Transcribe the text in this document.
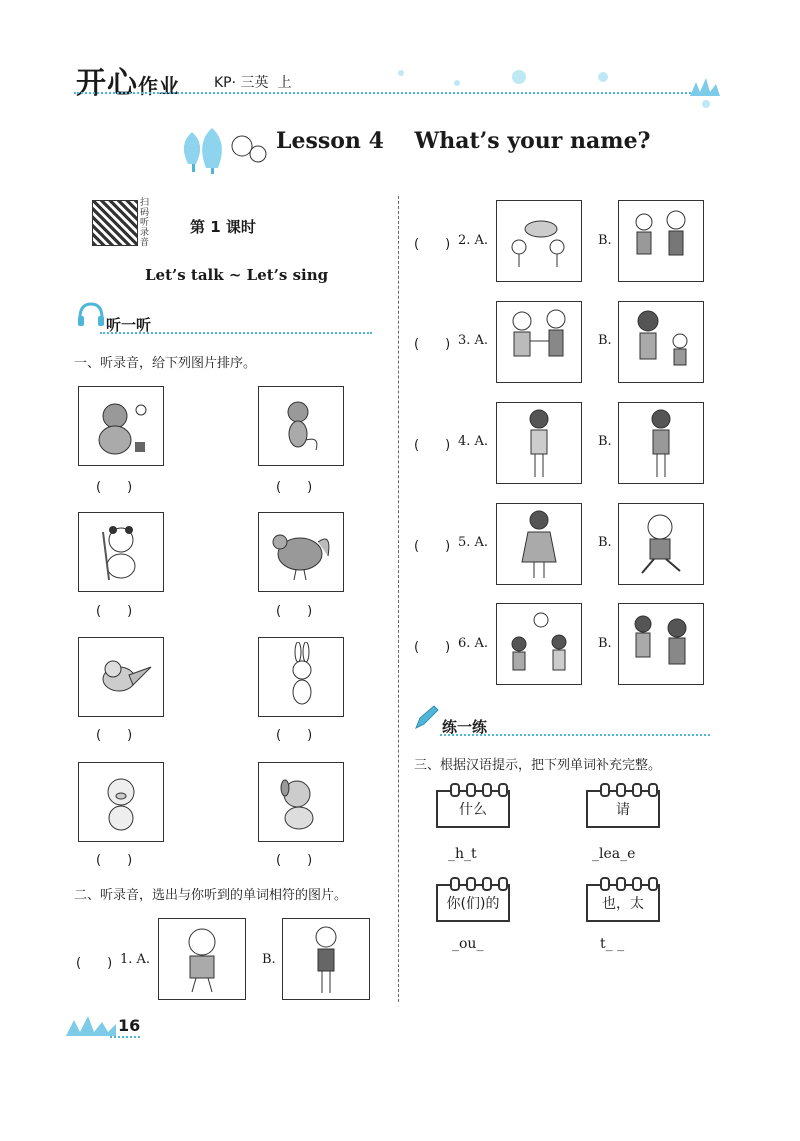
开心作业 KP· 三英 上
Lesson 4    What’s your name?
扫码听录音
第 1 课时
Let’s talk ~ Let’s sing
听一听
一、听录音，给下列图片排序。
(　　)	(　　)
(　　)	(　　)
(　　)	(　　)
(　　)	(　　)
二、听录音，选出与你听到的单词相符的图片。
(　　) 1. A.	B.
(　　) 2. A.	B.
(　　) 3. A.	B.
(　　) 4. A.	B.
(　　) 5. A.	B.
(　　) 6. A.	B.
练一练
三、根据汉语提示，把下列单词补充完整。
什么
_h_t
请
_lea_e
你(们)的
_ou_
也，太
t_ _
16
